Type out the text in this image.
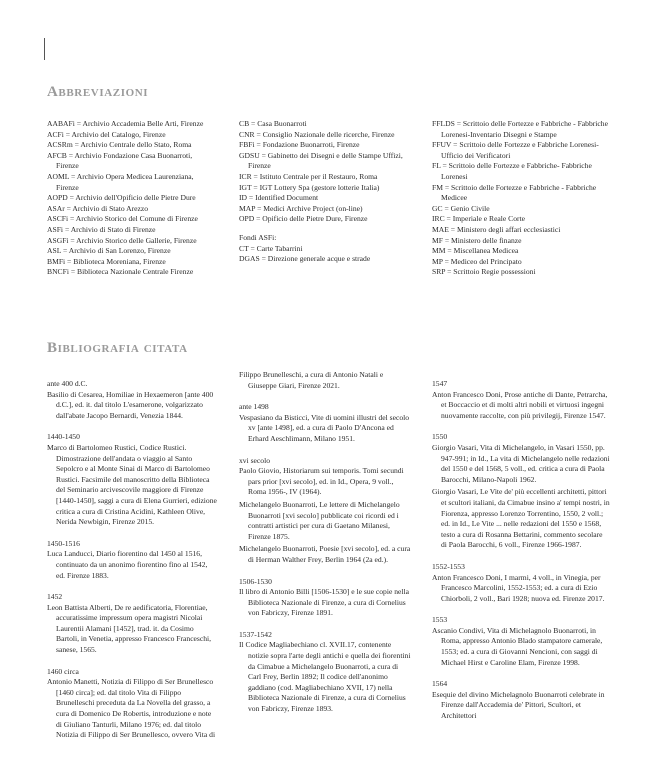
Abbreviazioni

AABAFi = Archivio Accademia Belle Arti, Firenze

ACFi = Archivio del Catalogo, Firenze

ACSRm = Archivio Centrale dello Stato, Roma

AFCB = Archivio Fondazione Casa Buonarroti, Firenze

AOML = Archivio Opera Medicea Laurenziana, Firenze

AOPD = Archivio dell'Opificio delle Pietre Dure

ASAr = Archivio di Stato Arezzo

ASCFi = Archivio Storico del Comune di Firenze

ASFi = Archivio di Stato di Firenze

ASGFi = Archivio Storico delle Gallerie, Firenze

ASL = Archivio di San Lorenzo, Firenze

BMFi = Biblioteca Moreniana, Firenze

BNCFi = Biblioteca Nazionale Centrale Firenze

CB = Casa Buonarroti

CNR = Consiglio Nazionale delle ricerche, Firenze

FBFi = Fondazione Buonarroti, Firenze

GDSU = Gabinetto dei Disegni e delle Stampe Uffizi, Firenze

ICR = Istituto Centrale per il Restauro, Roma

IGT = IGT Lottery Spa (gestore lotterie Italia)

ID = Identified Document

MAP = Medici Archive Project (on-line)

OPD = Opificio delle Pietre Dure, Firenze

Fondi ASFi:

CT = Carte Tabarrini

DGAS = Direzione generale acque e strade

FFLDS = Scrittoio delle Fortezze e Fabbriche - Fabbriche Lorenesi-Inventario Disegni e Stampe

FFUV = Scrittoio delle Fortezze e Fabbriche Lorenesi- Ufficio dei Verificatori

FL = Scrittoio delle Fortezze e Fabbriche- Fabbriche Lorenesi

FM = Scrittoio delle Fortezze e Fabbriche - Fabbriche Medicee

GC = Genio Civile

IRC = Imperiale e Reale Corte

MAE = Ministero degli affari ecclesiastici

MF = Ministero delle finanze

MM = Miscellanea Medicea

MP = Mediceo del Principato

SRP = Scrittoio Regie possessioni

Bibliografia citata

ante 400 d.C.

Basilio di Cesarea, Homiliae in Hexaemeron [ante 400 d.C.], ed. it. dal titolo L'esamerone, volgarizzato dall'abate Jacopo Bernardi, Venezia 1844.

1440-1450

Marco di Bartolomeo Rustici, Codice Rustici. Dimostrazione dell'andata o viaggio al Santo Sepolcro e al Monte Sinai di Marco di Bartolomeo Rustici. Facsimile del manoscritto della Biblioteca del Seminario arcivescovile maggiore di Firenze [1440-1450], saggi a cura di Elena Gurrieri, edizione critica a cura di Cristina Acidini, Kathleen Olive, Nerida Newbigin, Firenze 2015.

1450-1516

Luca Landucci, Diario fiorentino dal 1450 al 1516, continuato da un anonimo fiorentino fino al 1542, ed. Firenze 1883.

1452

Leon Battista Alberti, De re aedificatoria, Florentiae, accuratissime impressum opera magistri Nicolai Laurentii Alamani [1452], trad. it. da Cosimo Bartoli, in Venetia, appresso Francesco Franceschi, sanese, 1565.

1460 circa

Antonio Manetti, Notizia di Filippo di Ser Brunellesco [1460 circa]; ed. dal titolo Vita di Filippo Brunelleschi preceduta da La Novella del grasso, a cura di Domenico De Robertis, introduzione e note di Giuliano Tanturli, Milano 1976; ed. dal titolo Notizia di Filippo di Ser Brunellesco, ovvero Vita di

Filippo Brunelleschi, a cura di Antonio Natali e Giuseppe Giari, Firenze 2021.

ante 1498

Vespasiano da Bisticci, Vite di uomini illustri del secolo xv [ante 1498], ed. a cura di Paolo D'Ancona ed Erhard Aeschlimann, Milano 1951.

xvi secolo

Paolo Giovio, Historiarum sui temporis. Tomi secundi pars prior [xvi secolo], ed. in Id., Opera, 9 voll., Roma 1956-, IV (1964).

Michelangelo Buonarroti, Le lettere di Michelangelo Buonarroti [xvi secolo] pubblicate coi ricordi ed i contratti artistici per cura di Gaetano Milanesi, Firenze 1875.

Michelangelo Buonarroti, Poesie [xvi secolo], ed. a cura di Herman Walther Frey, Berlin 1964 (2a ed.).

1506-1530

Il libro di Antonio Billi [1506-1530] e le sue copie nella Biblioteca Nazionale di Firenze, a cura di Cornelius von Fabriczy, Firenze 1891.

1537-1542

Il Codice Magliabechiano cl. XVII.17, contenente notizie sopra l'arte degli antichi e quella dei fiorentini da Cimabue a Michelangelo Buonarroti, a cura di Carl Frey, Berlin 1892; Il codice dell'anonimo gaddiano (cod. Magliabechiano XVII, 17) nella Biblioteca Nazionale di Firenze, a cura di Cornelius von Fabriczy, Firenze 1893.

1547

Anton Francesco Doni, Prose antiche di Dante, Petrarcha, et Boccaccio et di molti altri nobili et virtuosi ingegni nuovamente raccolte, con più privilegij, Firenze 1547.

1550

Giorgio Vasari, Vita di Michelangelo, in Vasari 1550, pp. 947-991; in Id., La vita di Michelangelo nelle redazioni del 1550 e del 1568, 5 voll., ed. critica a cura di Paola Barocchi, Milano-Napoli 1962.

Giorgio Vasari, Le Vite de' più eccellenti architetti, pittori et scultori italiani, da Cimabue insino a' tempi nostri, in Fiorenza, appresso Lorenzo Torrentino, 1550, 2 voll.; ed. in Id., Le Vite ... nelle redazioni del 1550 e 1568, testo a cura di Rosanna Bettarini, commento secolare di Paola Barocchi, 6 voll., Firenze 1966-1987.

1552-1553

Anton Francesco Doni, I marmi, 4 voll., in Vinegia, per Francesco Marcolini, 1552-1553; ed. a cura di Ezio Chiorboli, 2 voll., Bari 1928; nuova ed. Firenze 2017.

1553

Ascanio Condivi, Vita di Michelagnolo Buonarroti, in Roma, appresso Antonio Blado stampatore camerale, 1553; ed. a cura di Giovanni Nencioni, con saggi di Michael Hirst e Caroline Elam, Firenze 1998.

1564

Esequie del divino Michelagnolo Buonarroti celebrate in Firenze dall'Accademia de' Pittori, Scultori, et Architettori
